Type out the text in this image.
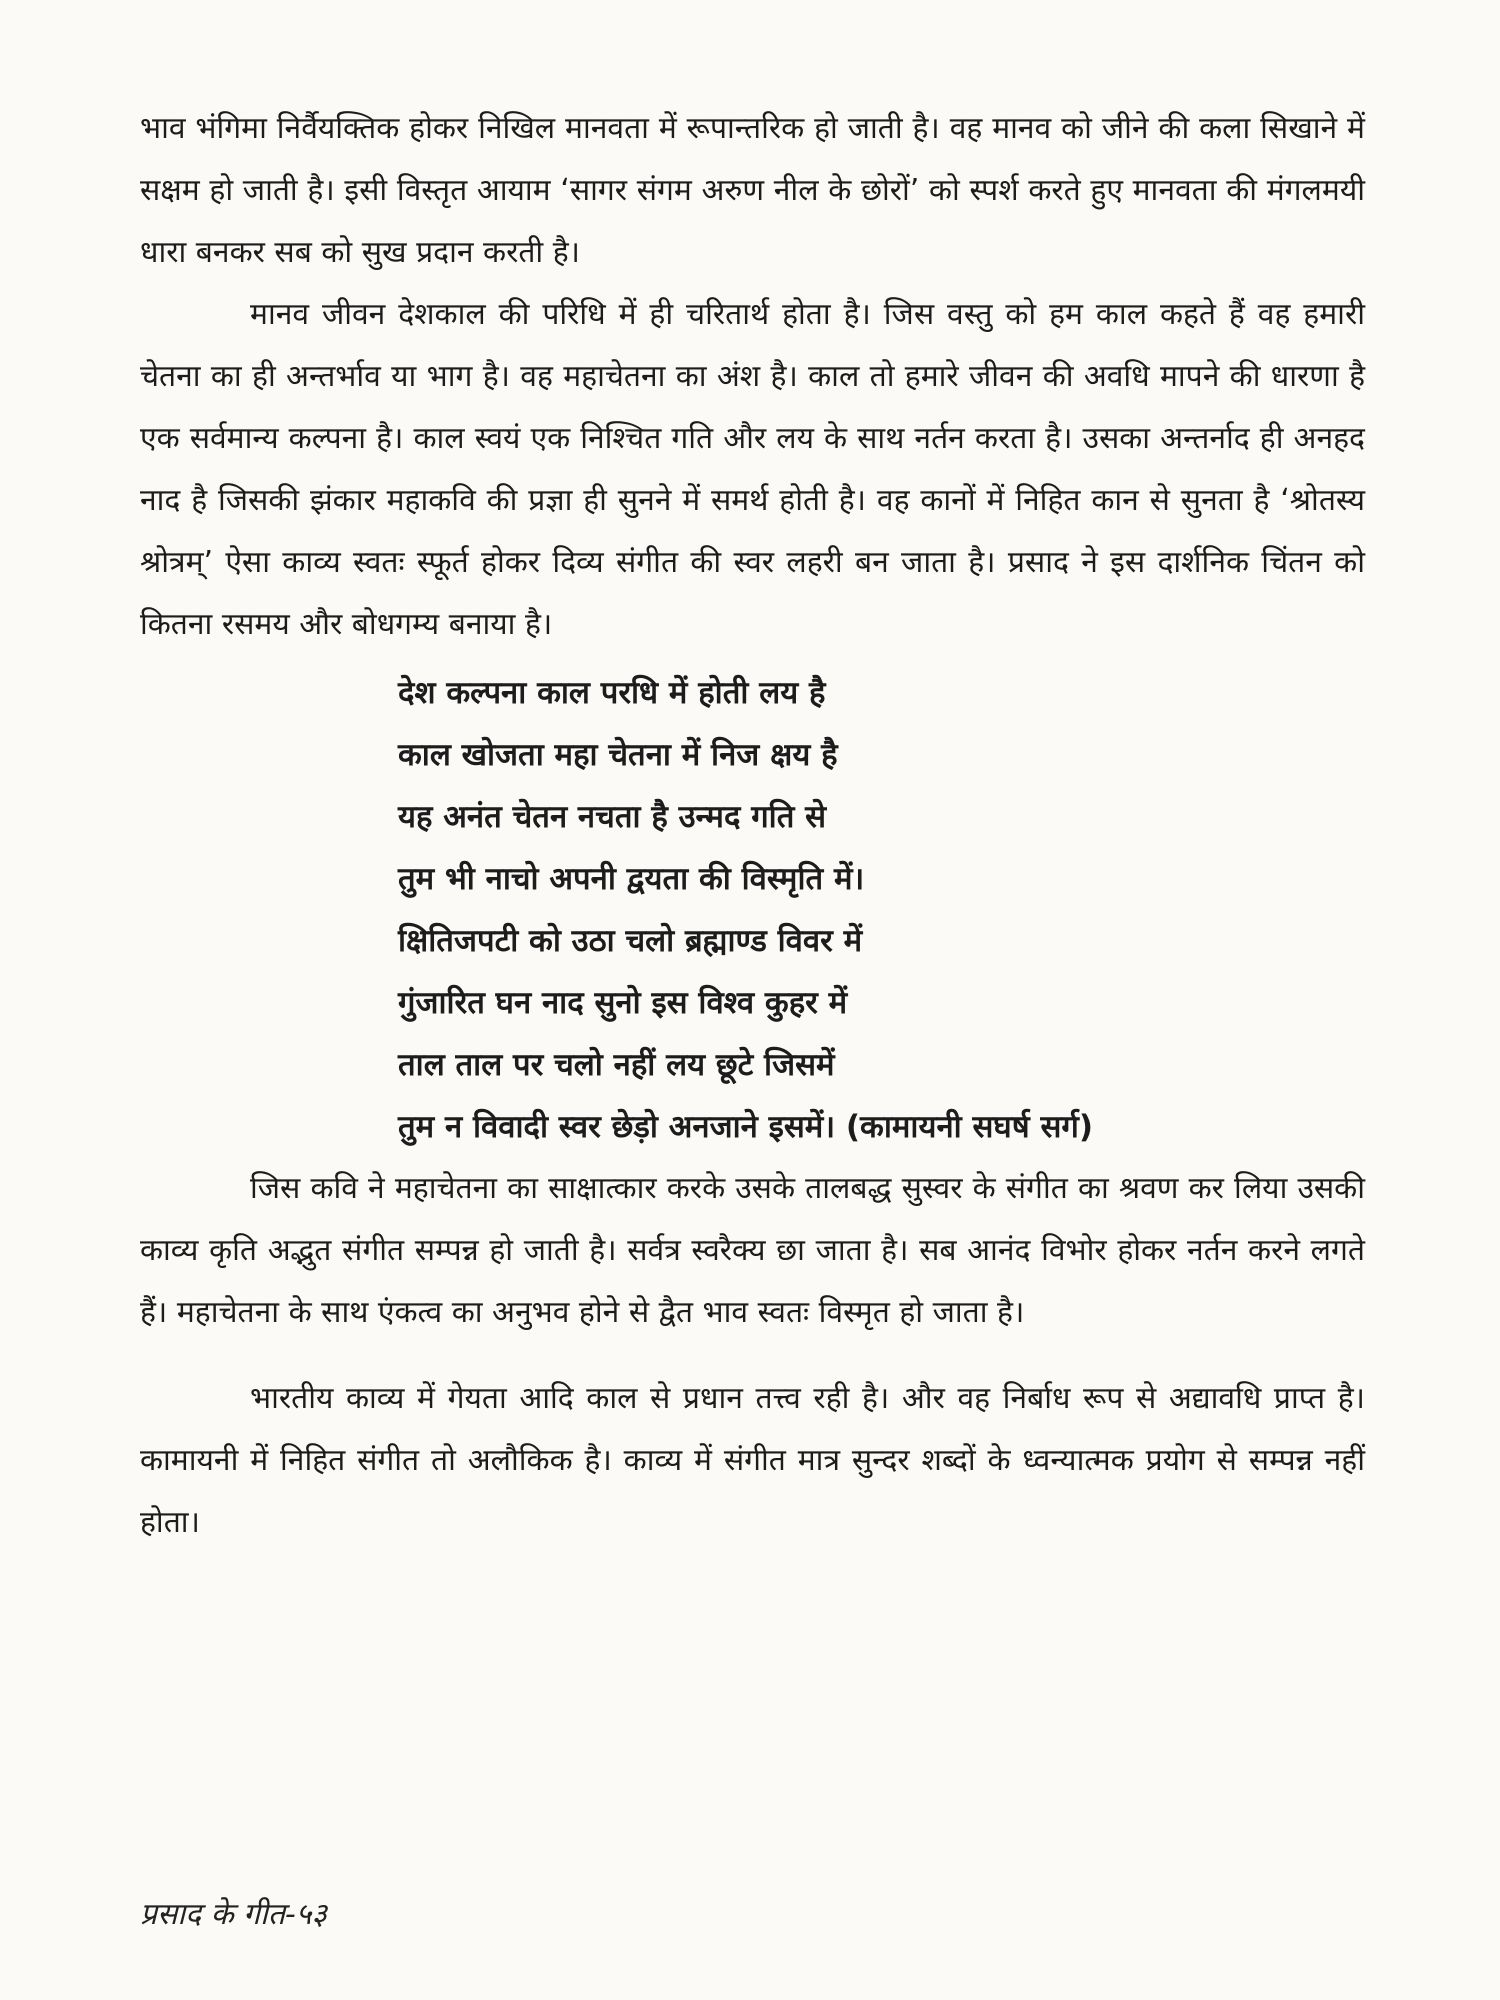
भाव भंगिमा निर्वैयक्तिक होकर निखिल मानवता में रूपान्तरिक हो जाती है। वह मानव को जीने की कला सिखाने में सक्षम हो जाती है। इसी विस्तृत आयाम ‘सागर संगम अरुण नील के छोरों’ को स्पर्श करते हुए मानवता की मंगलमयी धारा बनकर सब को सुख प्रदान करती है।

मानव जीवन देशकाल की परिधि में ही चरितार्थ होता है। जिस वस्तु को हम काल कहते हैं वह हमारी चेतना का ही अन्तर्भाव या भाग है। वह महाचेतना का अंश है। काल तो हमारे जीवन की अवधि मापने की धारणा है एक सर्वमान्य कल्पना है। काल स्वयं एक निश्चित गति और लय के साथ नर्तन करता है। उसका अन्तर्नाद ही अनहद नाद है जिसकी झंकार महाकवि की प्रज्ञा ही सुनने में समर्थ होती है। वह कानों में निहित कान से सुनता है ‘श्रोतस्य श्रोत्रम्’ ऐसा काव्य स्वतः स्फूर्त होकर दिव्य संगीत की स्वर लहरी बन जाता है। प्रसाद ने इस दार्शनिक चिंतन को कितना रसमय और बोधगम्य बनाया है।

देश कल्पना काल परधि में होती लय है
काल खोजता महा चेतना में निज क्षय है
यह अनंत चेतन नचता है उन्मद गति से
तुम भी नाचो अपनी द्वयता की विस्मृति में।
क्षितिजपटी को उठा चलो ब्रह्माण्ड विवर में
गुंजारित घन नाद सुनो इस विश्व कुहर में
ताल ताल पर चलो नहीं लय छूटे जिसमें
तुम न विवादी स्वर छेड़ो अनजाने इसमें। (कामायनी सघर्ष सर्ग)

जिस कवि ने महाचेतना का साक्षात्कार करके उसके तालबद्ध सुस्वर के संगीत का श्रवण कर लिया उसकी काव्य कृति अद्भुत संगीत सम्पन्न हो जाती है। सर्वत्र स्वरैक्य छा जाता है। सब आनंद विभोर होकर नर्तन करने लगते हैं। महाचेतना के साथ एंकत्व का अनुभव होने से द्वैत भाव स्वतः विस्मृत हो जाता है।

भारतीय काव्य में गेयता आदि काल से प्रधान तत्त्व रही है। और वह निर्बाध रूप से अद्यावधि प्राप्त है। कामायनी में निहित संगीत तो अलौकिक है। काव्य में संगीत मात्र सुन्दर शब्दों के ध्वन्यात्मक प्रयोग से सम्पन्न नहीं होता।

प्रसाद के गीत-५३
